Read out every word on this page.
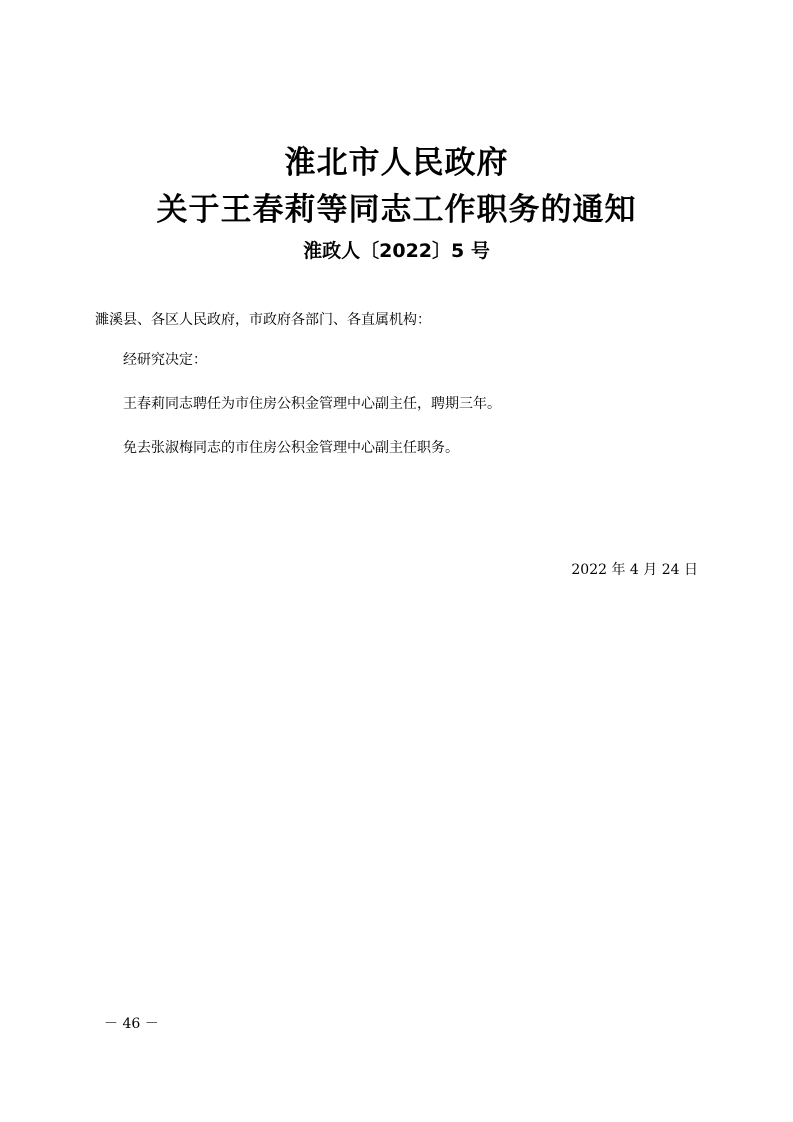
淮北市人民政府
关于王春莉等同志工作职务的通知
淮政人〔2022〕5 号
濉溪县、各区人民政府，市政府各部门、各直属机构：
经研究决定：
王春莉同志聘任为市住房公积金管理中心副主任，聘期三年。
免去张淑梅同志的市住房公积金管理中心副主任职务。
2022 年 4 月 24 日
－ 46 －
